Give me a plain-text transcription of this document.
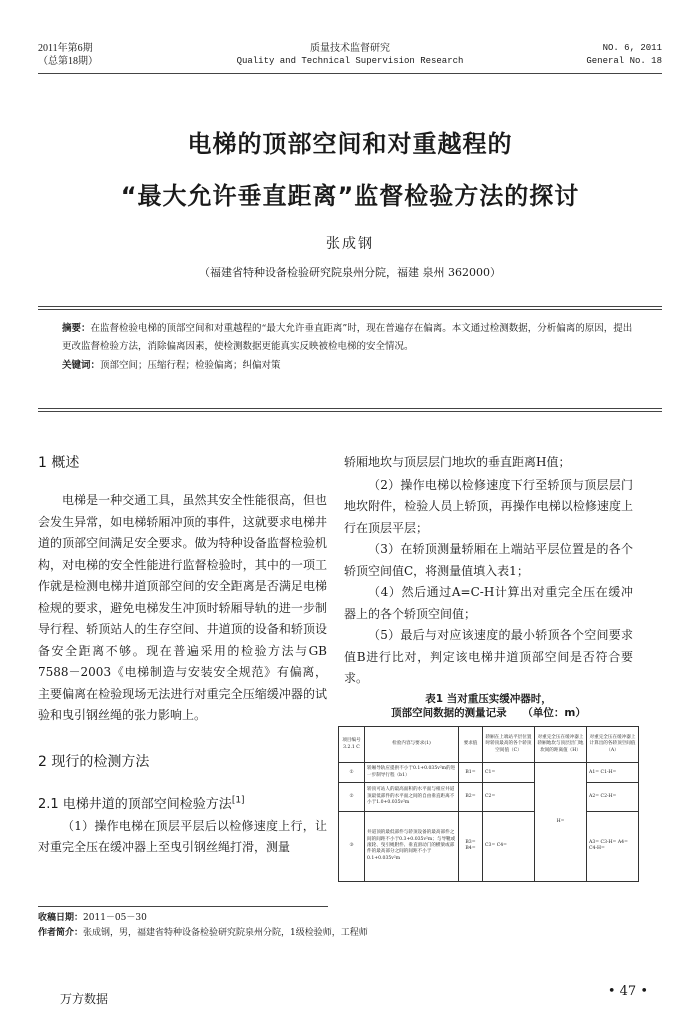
2011年第6期
（总第18期）
质量技术监督研究
Quality and Technical Supervision Research
NO. 6, 2011
General No. 18
电梯的顶部空间和对重越程的
“最大允许垂直距离”监督检验方法的探讨
张成钢
（福建省特种设备检验研究院泉州分院，福建 泉州 362000）

摘要：在监督检验电梯的顶部空间和对重越程的“最大允许垂直距离”时，现在普遍存在偏离。本文通过检测数据，分析偏离的原因，提出更改监督检验方法，消除偏离因素，使检测数据更能真实反映被检电梯的安全情况。

关键词：顶部空间；压缩行程；检验偏离；纠偏对策

1 概述

电梯是一种交通工具，虽然其安全性能很高，但也会发生异常，如电梯轿厢冲顶的事件，这就要求电梯井道的顶部空间满足安全要求。做为特种设备监督检验机构，对电梯的安全性能进行监督检验时，其中的一项工作就是检测电梯井道顶部空间的安全距离是否满足电梯检规的要求，避免电梯发生冲顶时轿厢导轨的进一步制导行程、轿顶站人的生存空间、井道顶的设备和轿顶设备安全距离不够。现在普遍采用的检验方法与GB 7588－2003《电梯制造与安装安全规范》有偏离，主要偏离在检验现场无法进行对重完全压缩缓冲器的试验和曳引钢丝绳的张力影响上。

2 现行的检测方法
2.1 电梯井道的顶部空间检验方法[1]

（1）操作电梯在顶层平层后以检修速度上行，让对重完全压在缓冲器上至曳引钢丝绳打滑，测量

轿厢地坎与顶层层门地坎的垂直距离H值；

（2）操作电梯以检修速度下行至轿顶与顶层层门地坎附件，检验人员上轿顶，再操作电梯以检修速度上行在顶层平层；

（3）在轿顶测量轿厢在上端站平层位置是的各个轿顶空间值C，将测量值填入表1；

（4）然后通过A=C-H计算出对重完全压在缓冲器上的各个轿顶空间值；

（5）最后与对应该速度的最小轿顶各个空间要求值B进行比对，判定该电梯井道顶部空间是否符合要求。

表1 当对重压实缓冲器时，
顶部空间数据的测量记录　　（单位：m）
项目编号 3.2.1 C	检验内容与要求(1)	要求值	轿厢在上端站平层位置时轿顶最高的各个轿顶空间值（C）	对重完全压在缓冲器上轿厢地坎与顶层层门地坎间的距离值（H）	对重完全压在缓冲器上计算出的各轿顶空间值（A）
①	轿厢导轨应提供不小于0.1+0.035v²m的进一步制导行程（b1）	B1=	C1=	H=	A1= C1-H=
②	轿顶可站人的最高面积的水平面与相应井道顶最低部件的水平面之间的自由垂直距离不小于1.0+0.035v²m	B2=	C2=		A2= C2-H=
③	井道顶的最低部件与轿顶设备的最高部件之间的间距不小于0.3+0.035v²m；与导靴或滚轮、曳引绳附件、垂直滑动门的横梁或部件的最高部分之间的间距不小于0.1+0.035v²m	B3= B4=	C3= C4=		A3= C3-H= A4= C4-H=
收稿日期：2011－05－30
作者简介：张成钢，男，福建省特种设备检验研究院泉州分院，1级检验师，工程师
万方数据	• 47 •
